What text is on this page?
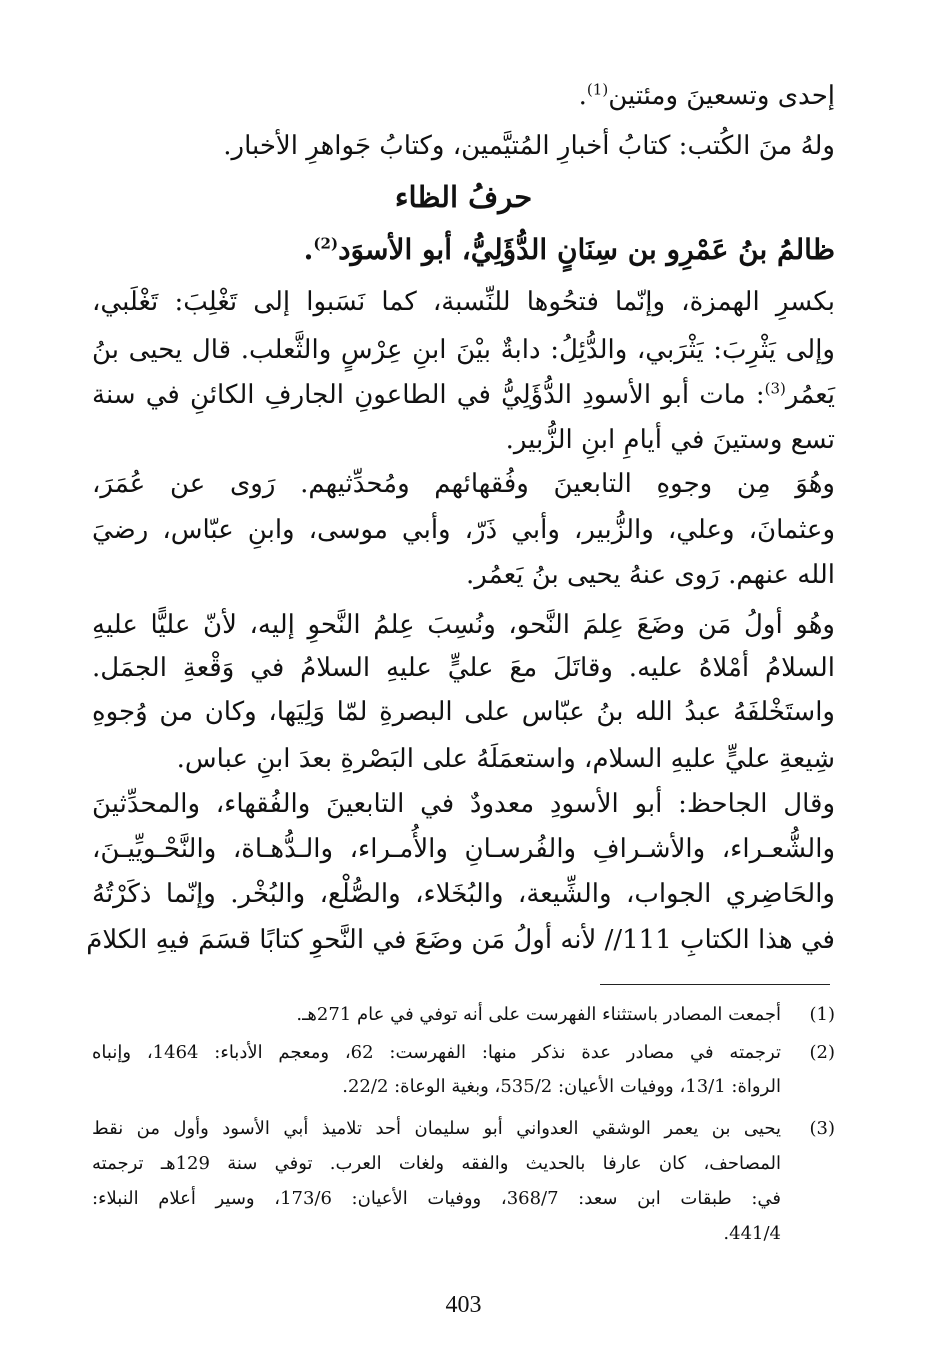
إحدى وتسعينَ ومئتين$^{(1)}$.
ولهُ منَ الكُتب: كتابُ أخبارِ المُتيَّمين، وكتابُ جَواهرِ الأخبار.
حرفُ الظاء
ظالمُ بنُ عَمْرِو بن سِنَانٍ الدُّؤَلِيُّ، أبو الأسوَد$^{(2)}$.
بكسرِ الهمزة، وإنّما فتحُوها للنِّسبة، كما نَسَبوا إلى تَغْلِبَ: تَغْلَبي،
وإلى يَثْرِبَ: يَثْرَبي، والدُّئِلُ: دابةٌ بيْنَ ابنِ عِرْسٍ والثَّعلب. قال يحيى بنُ
يَعمُر$^{(3)}$: مات أبو الأسودِ الدُّؤَلِيُّ في الطاعونِ الجارفِ الكائنِ في سنة
تسع وستينَ في أيامِ ابنِ الزُّبير.
وهُوَ مِن وجوهِ التابعينَ وفُقهائهم ومُحدِّثيهم. رَوى عن عُمَرَ،
وعثمانَ، وعلي، والزُّبير، وأبي ذَرّ، وأبي موسى، وابنِ عبّاس، رضيَ
الله عنهم. رَوى عنهُ يحيى بنُ يَعمُر.
وهُو أولُ مَن وضَعَ عِلمَ النَّحو، ونُسِبَ عِلمُ النَّحوِ إليه، لأنّ عليًّا عليهِ
السلامُ أمْلاهُ عليه. وقاتَلَ معَ عليٍّ عليهِ السلامُ في وَقْعةِ الجمَل.
واستَخْلفَهُ عبدُ الله بنُ عبّاس على البصرةِ لمّا وَلِيَها، وكان من وُجوهِ
شِيعةِ عليٍّ عليهِ السلام، واستعمَلَهُ على البَصْرةِ بعدَ ابنِ عباس.
وقال الجاحظ: أبو الأسودِ معدودٌ في التابعينَ والفُقهاء، والمحدِّثينَ
والشُّعـراء، والأشـرافِ والفُرسـانِ والأُمـراء، والـدُّهـاة، والنَّحْـويِّيـنَ،
والحَاضِري الجواب، والشِّيعة، والبُخَلاء، والصُّلْع، والبُخْر. وإنّما ذكَرْتُهُ
في هذا الكتابِ 111// لأنه أولُ مَن وضَعَ في النَّحوِ كتابًا قسَمَ فيهِ الكلامَ
(1)
أجمعت المصادر باستثناء الفهرست على أنه توفي في عام 271هـ.
(2)
ترجمته في مصادر عدة نذكر منها: الفهرست: 62، ومعجم الأدباء: 1464، وإنباه
الرواة: 13/1، ووفيات الأعيان: 535/2، وبغية الوعاة: 22/2.
(3)
يحيى بن يعمر الوشقي العدواني أبو سليمان أحد تلاميذ أبي الأسود وأول من نقط
المصاحف، كان عارفا بالحديث والفقه ولغات العرب. توفي سنة 129هـ ترجمته
في: طبقات ابن سعد: 368/7، ووفيات الأعيان: 173/6، وسير أعلام النبلاء:
441/4.
403
